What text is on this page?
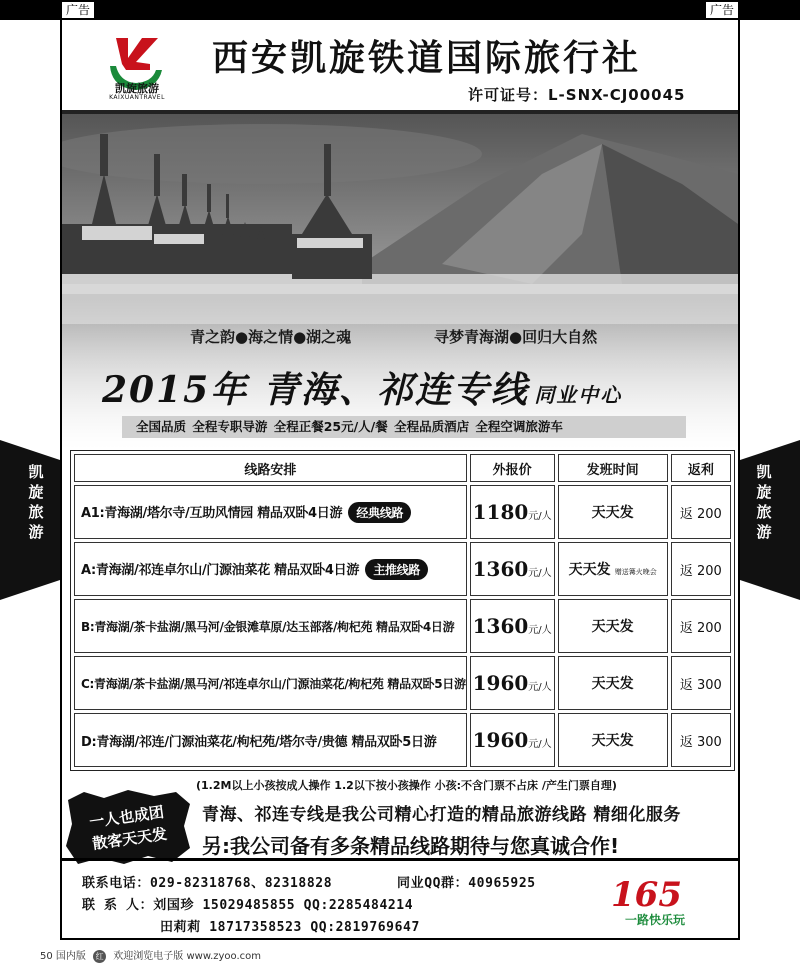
广告	广告
凯
旋
旅
游
凯
旋
旅
游
凯旋旅游
KAIXUANTRAVEL
西安凯旋铁道国际旅行社
许可证号：L-SNX-CJ00045
青之韵●海之情●湖之魂	寻梦青海湖●回归大自然
2015年 青海、祁连专线 同业中心
全国品质 全程专职导游 全程正餐25元/人/餐 全程品质酒店 全程空调旅游车
线路安排	外报价	发班时间	返利
A1:青海湖/塔尔寺/互助风情园 精品双卧4日游 经典线路	1180元/人	天天发	返 200
A:青海湖/祁连卓尔山/门源油菜花 精品双卧4日游 主推线路	1360元/人	天天发 赠送篝火晚会	返 200
B:青海湖/茶卡盐湖/黑马河/金银滩草原/达玉部落/枸杞苑 精品双卧4日游	1360元/人	天天发	返 200
C:青海湖/茶卡盐湖/黑马河/祁连卓尔山/门源油菜花/枸杞苑 精品双卧5日游	1960元/人	天天发	返 300
D:青海湖/祁连/门源油菜花/枸杞苑/塔尔寺/贵德 精品双卧5日游	1960元/人	天天发	返 300
(1.2M以上小孩按成人操作 1.2以下按小孩操作 小孩:不含门票不占床 /产生门票自理)
一人也成团
散客天天发
青海、祁连专线是我公司精心打造的精品旅游线路 精细化服务
另:我公司备有多条精品线路期待与您真诚合作!
联系电话：029-82318768、82318828	同业QQ群：40965925
联 系 人：刘国珍 15029485855 QQ:2285484214
田莉莉 18717358523 QQ:2819769647
165
一路快乐玩
50 国内版 红 欢迎浏览电子版 www.zyoo.com
